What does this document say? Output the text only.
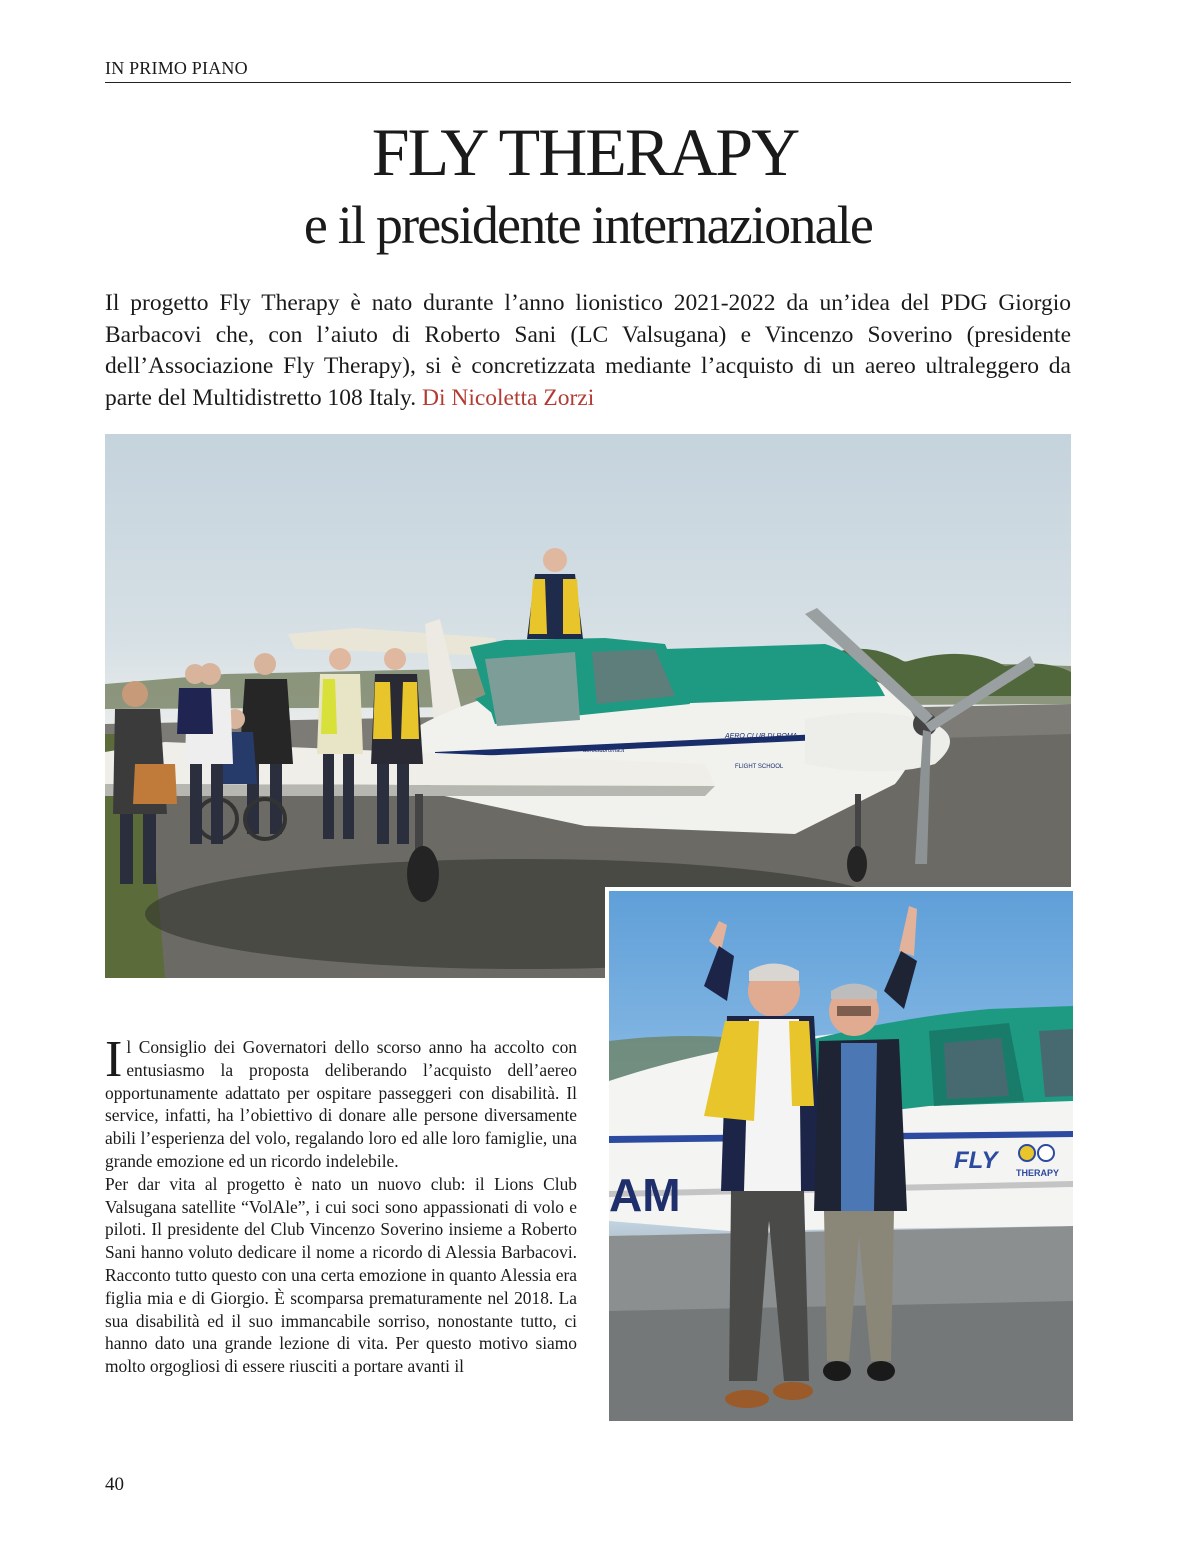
IN PRIMO PIANO
FLY THERAPY
e il presidente internazionale
Il progetto Fly Therapy è nato durante l’anno lionistico 2021-2022 da un’idea del PDG Giorgio Barbacovi che, con l’aiuto di Roberto Sani (LC Valsugana) e Vincenzo Soverino (presidente dell’Associazione Fly Therapy), si è concretizzata mediante l’acquisto di un aereo ultraleggero da parte del Multidistretto 108 Italy. Di Nicoletta Zorzi
AERO CLUB DI ROMA
FLIGHT SCHOOL
aeroclubroma.it
FLY THERAPY
AM

Il Consiglio dei Governatori dello scorso anno ha accolto con entusiasmo la proposta deliberando l’acquisto dell’aereo opportunamente adattato per ospitare passeggeri con disabilità. Il service, infatti, ha l’obiettivo di donare alle persone diversamente abili l’esperienza del volo, regalando loro ed alle loro famiglie, una grande emozione ed un ricordo indelebile.

Per dar vita al progetto è nato un nuovo club: il Lions Club Valsugana satellite “VolAle”, i cui soci sono appassionati di volo e piloti. Il presidente del Club Vincenzo Soverino insieme a Roberto Sani hanno voluto dedicare il nome a ricordo di Alessia Barbacovi. Racconto tutto questo con una certa emozione in quanto Alessia era figlia mia e di Giorgio. È scomparsa prematuramente nel 2018. La sua disabilità ed il suo immancabile sorriso, nonostante tutto, ci hanno dato una grande lezione di vita. Per questo motivo siamo molto orgogliosi di essere riusciti a portare avanti il

40
